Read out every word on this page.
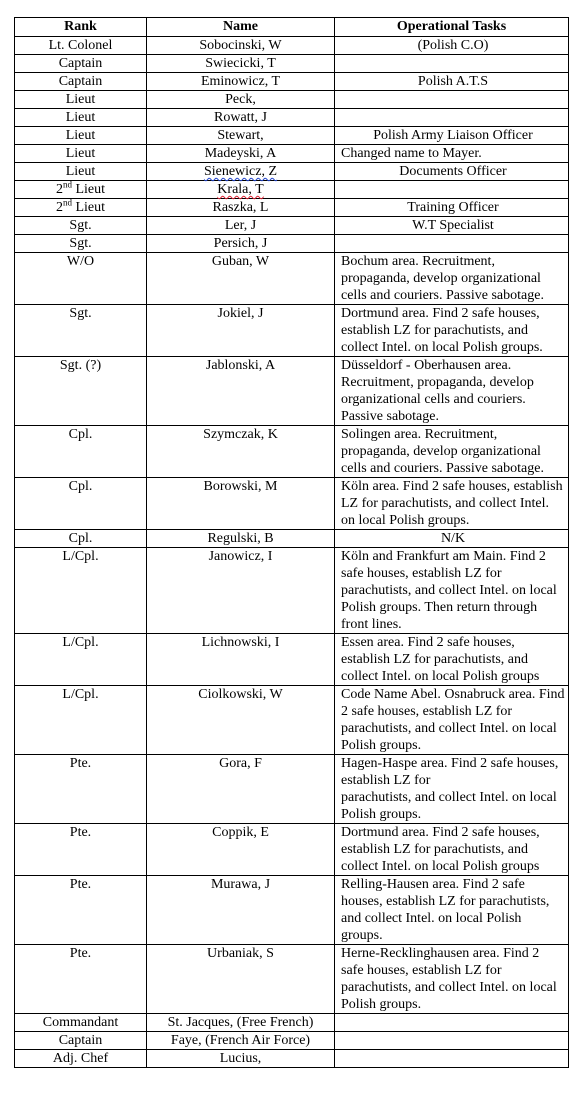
Rank	Name	Operational Tasks
Lt. Colonel	Sobocinski, W	(Polish C.O)
Captain	Swiecicki, T	
Captain	Eminowicz, T	Polish A.T.S
Lieut	Peck,	
Lieut	Rowatt, J	
Lieut	Stewart,	Polish Army Liaison Officer
Lieut	Madeyski, A	Changed name to Mayer.
Lieut	Sienewicz, Z	Documents Officer
2nd Lieut	Krala, T	
2nd Lieut	Raszka, L	Training Officer
Sgt.	Ler, J	W.T Specialist
Sgt.	Persich, J	
W/O	Guban, W	Bochum area. Recruitment, propaganda, develop organizational cells and couriers. Passive sabotage.
Sgt.	Jokiel, J	Dortmund area. Find 2 safe houses, establish LZ for parachutists, and collect Intel. on local Polish groups.
Sgt. (?)	Jablonski, A	Düsseldorf - Oberhausen area. Recruitment, propaganda, develop organizational cells and couriers. Passive sabotage.
Cpl.	Szymczak, K	Solingen area. Recruitment, propaganda, develop organizational cells and couriers. Passive sabotage.
Cpl.	Borowski, M	Köln area. Find 2 safe houses, establish LZ for parachutists, and collect Intel. on local Polish groups.
Cpl.	Regulski, B	N/K
L/Cpl.	Janowicz, I	Köln and Frankfurt am Main. Find 2 safe houses, establish LZ for parachutists, and collect Intel. on local Polish groups. Then return through front lines.
L/Cpl.	Lichnowski, I	Essen area. Find 2 safe houses, establish LZ for parachutists, and collect Intel. on local Polish groups
L/Cpl.	Ciolkowski, W	Code Name Abel. Osnabruck area. Find 2 safe houses, establish LZ for parachutists, and collect Intel. on local Polish groups.
Pte.	Gora, F	Hagen-Haspe area. Find 2 safe houses, establish LZ for
		parachutists, and collect Intel. on local Polish groups.
Pte.	Coppik, E	Dortmund area. Find 2 safe houses, establish LZ for parachutists, and collect Intel. on local Polish groups
Pte.	Murawa, J	Relling-Hausen area. Find 2 safe houses, establish LZ for parachutists, and collect Intel. on local Polish groups.
Pte.	Urbaniak, S	Herne-Recklinghausen area. Find 2 safe houses, establish LZ for parachutists, and collect Intel. on local Polish groups.
Commandant	St. Jacques, (Free French)	
Captain	Faye, (French Air Force)	
Adj. Chef	Lucius,	
